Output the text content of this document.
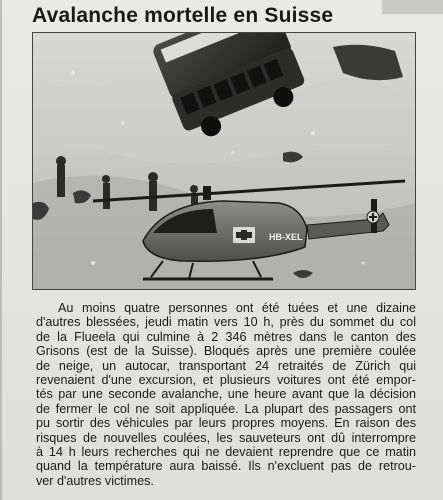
Avalanche mortelle en Suisse
HB-XEL
Au moins quatre personnes ont été tuées et une dizaine
d'autres blessées, jeudi matin vers 10 h, près du sommet du col
de la Flueela qui culmine à 2 346 mètres dans le canton des
Grisons (est de la Suisse). Bloqués après une première coulée
de neige, un autocar, transportant 24 retraités de Zürich qui
revenaient d'une excursion, et plusieurs voitures ont été empor-
tés par une seconde avalanche, une heure avant que la décision
de fermer le col ne soit appliquée. La plupart des passagers ont
pu sortir des véhicules par leurs propres moyens. En raison des
risques de nouvelles coulées, les sauveteurs ont dû interrompre
à 14 h leurs recherches qui ne devaient reprendre que ce matin
quand la température aura baissé. Ils n'excluent pas de retrou-
ver d'autres victimes.
